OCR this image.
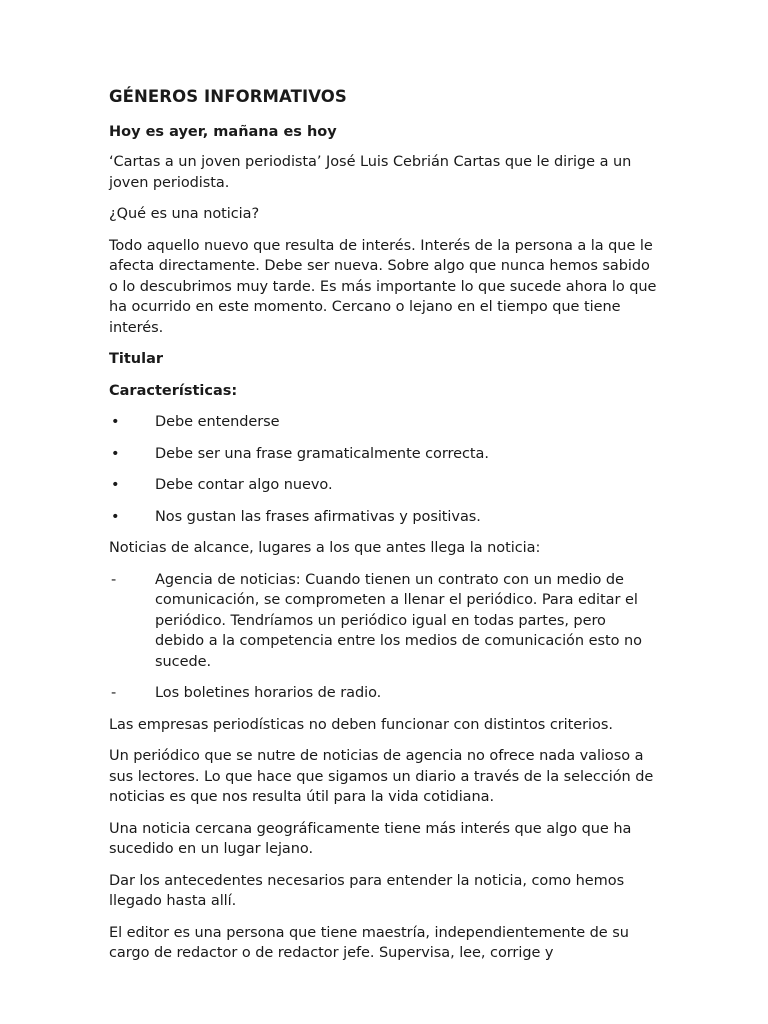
GÉNEROS INFORMATIVOS
Hoy es ayer, mañana es hoy

‘Cartas a un joven periodista’ José Luis Cebrián Cartas que le dirige a un joven periodista.

¿Qué es una noticia?

Todo aquello nuevo que resulta de interés. Interés de la persona a la que le afecta directamente. Debe ser nueva. Sobre algo que nunca hemos sabido o lo descubrimos muy tarde. Es más importante lo que sucede ahora lo que ha ocurrido en este momento. Cercano o lejano en el tiempo que tiene interés.

Titular
Características:
• Debe entenderse
• Debe ser una frase gramaticalmente correcta.
• Debe contar algo nuevo.
• Nos gustan las frases afirmativas y positivas.

Noticias de alcance, lugares a los que antes llega la noticia:

-	Agencia de noticias: Cuando tienen un contrato con un medio de comunicación, se comprometen a llenar el periódico. Para editar el periódico. Tendríamos un periódico igual en todas partes, pero debido a la competencia entre los medios de comunicación esto no sucede.
-	Los boletines horarios de radio.

Las empresas periodísticas no deben funcionar con distintos criterios.

Un periódico que se nutre de noticias de agencia no ofrece nada valioso a sus lectores. Lo que hace que sigamos un diario a través de la selección de noticias es que nos resulta útil para la vida cotidiana.

Una noticia cercana geográficamente tiene más interés que algo que ha sucedido en un lugar lejano.

Dar los antecedentes necesarios para entender la noticia, como hemos llegado hasta allí.

El editor es una persona que tiene maestría, independientemente de su cargo de redactor o de redactor jefe. Supervisa, lee, corrige y
